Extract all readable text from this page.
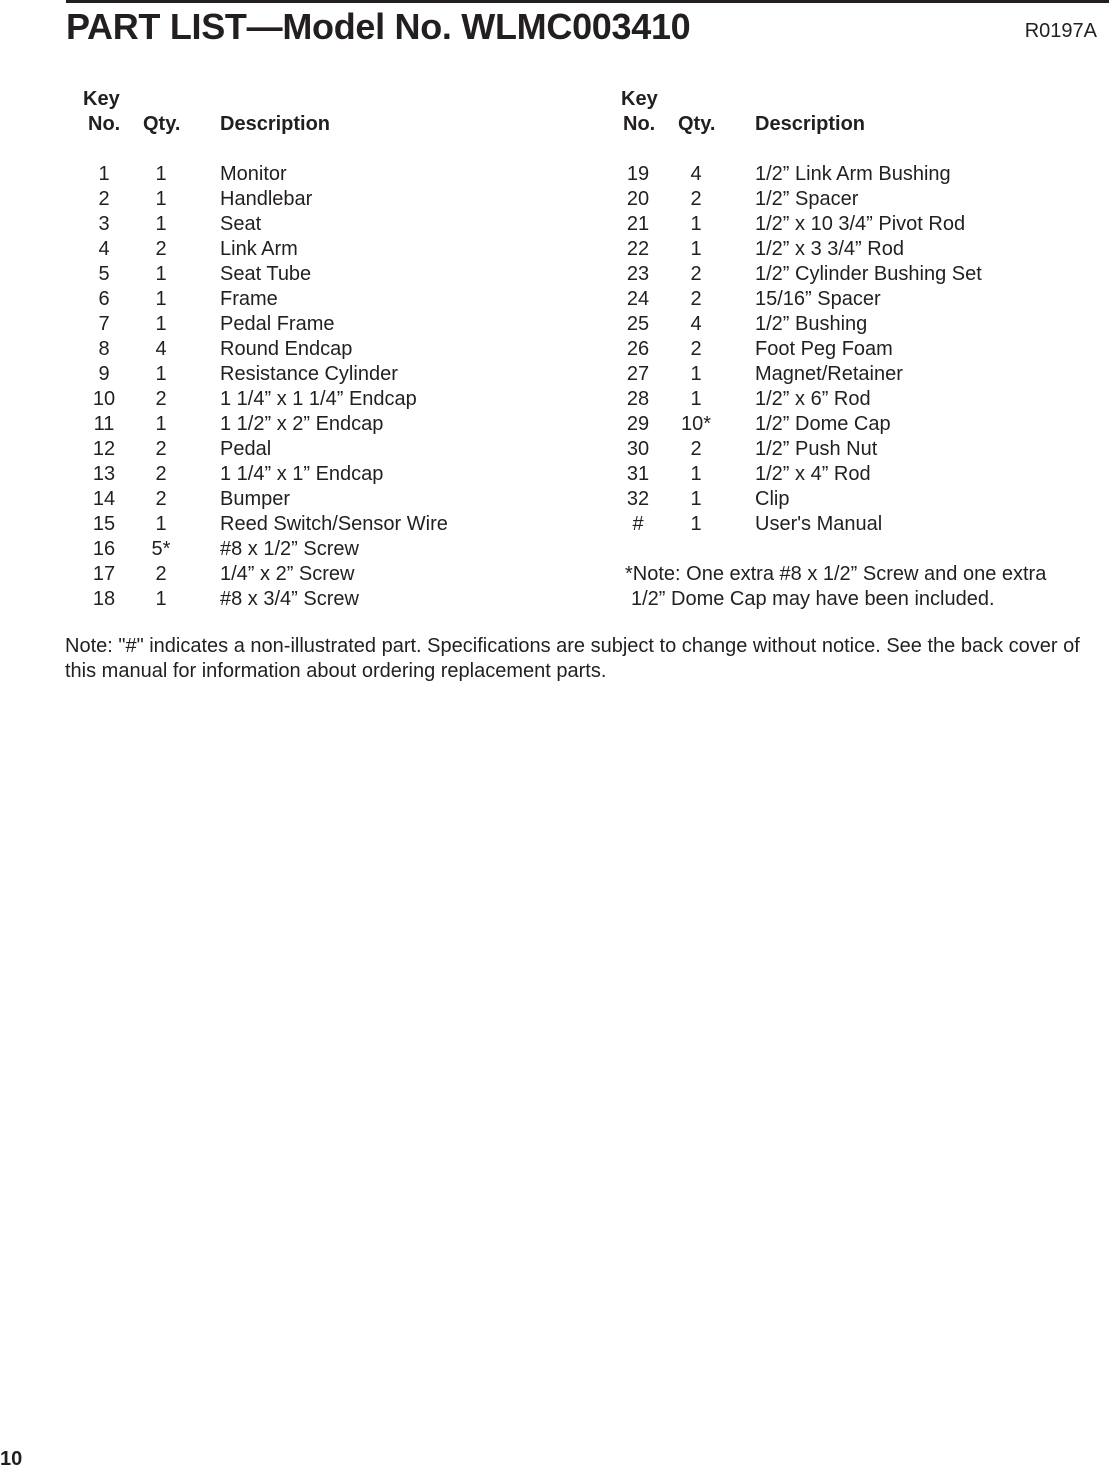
PART LIST—Model No. WLMC003410	R0197A
Key
No. Qty. Description
1	1	Monitor
2	1	Handlebar
3	1	Seat
4	2	Link Arm
5	1	Seat Tube
6	1	Frame
7	1	Pedal Frame
8	4	Round Endcap
9	1	Resistance Cylinder
10	2	1 1/4” x 1 1/4” Endcap
11	1	1 1/2” x 2” Endcap
12	2	Pedal
13	2	1 1/4” x 1” Endcap
14	2	Bumper
15	1	Reed Switch/Sensor Wire
16	5*	#8 x 1/2” Screw
17	2	1/4” x 2” Screw
18	1	#8 x 3/4” Screw
Key
No. Qty. Description
19	4	1/2” Link Arm Bushing
20	2	1/2” Spacer
21	1	1/2” x 10 3/4” Pivot Rod
22	1	1/2” x 3 3/4” Rod
23	2	1/2” Cylinder Bushing Set
24	2	15/16” Spacer
25	4	1/2” Bushing
26	2	Foot Peg Foam
27	1	Magnet/Retainer
28	1	1/2” x 6” Rod
29	10*	1/2” Dome Cap
30	2	1/2” Push Nut
31	1	1/2” x 4” Rod
32	1	Clip
#	1	User's Manual
*Note: One extra #8 x 1/2” Screw and one extra
1/2” Dome Cap may have been included.
Note: "#" indicates a non-illustrated part. Specifications are subject to change without notice. See the back cover of this manual for information about ordering replacement parts.
10
